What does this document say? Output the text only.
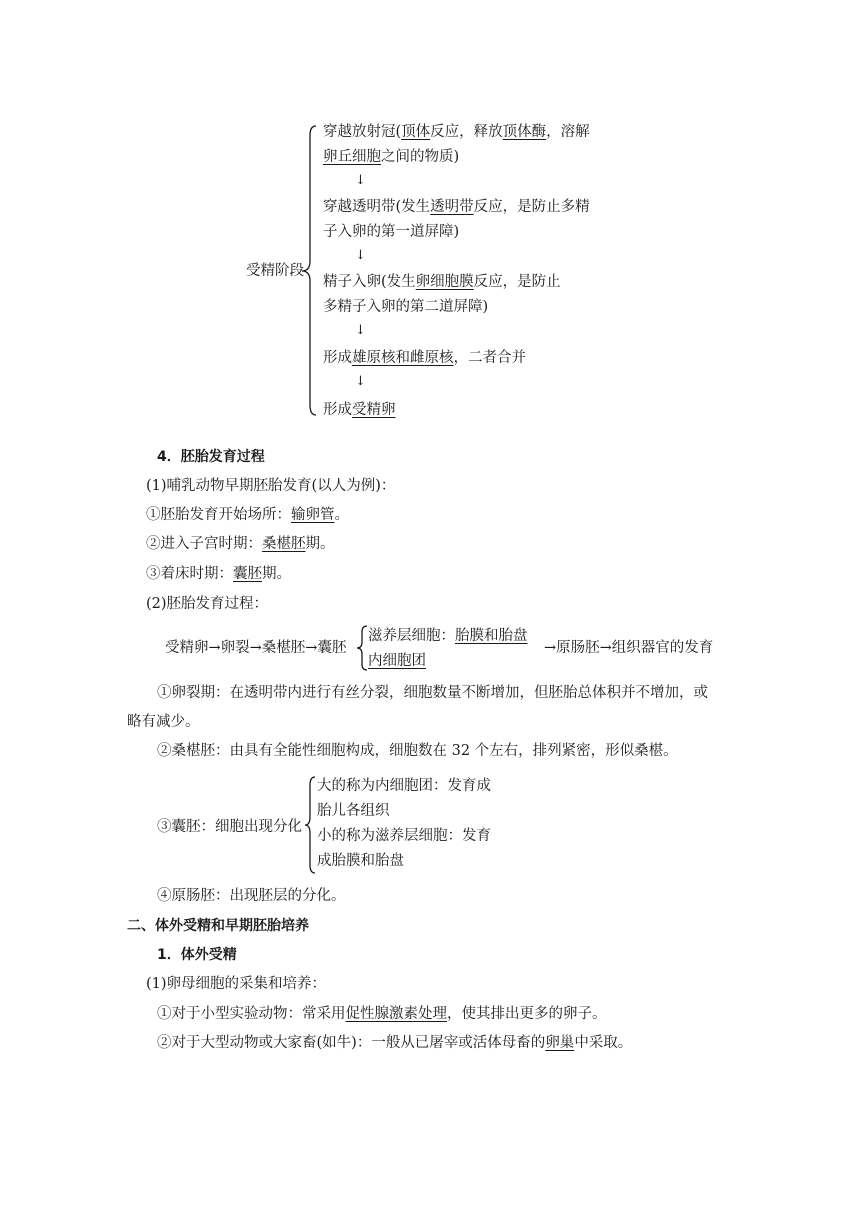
受精阶段
穿越放射冠(顶体反应，释放顶体酶，溶解
卵丘细胞之间的物质)
↓
穿越透明带(发生透明带反应，是防止多精
子入卵的第一道屏障)
↓
精子入卵(发生卵细胞膜反应，是防止
多精子入卵的第二道屏障)
↓
形成雄原核和雌原核，二者合并
↓
形成受精卵
4．胚胎发育过程
(1)哺乳动物早期胚胎发育(以人为例)：
①胚胎发育开始场所：输卵管。
②进入子宫时期：桑椹胚期。
③着床时期：囊胚期。
(2)胚胎发育过程：
受精卵→卵裂→桑椹胚→囊胚
滋养层细胞：胎膜和胎盘
内细胞团
→原肠胚→组织器官的发育
①卵裂期：在透明带内进行有丝分裂，细胞数量不断增加，但胚胎总体积并不增加，或
略有减少。
②桑椹胚：由具有全能性细胞构成，细胞数在 32 个左右，排列紧密，形似桑椹。
③囊胚：细胞出现分化
大的称为内细胞团：发育成
胎儿各组织
小的称为滋养层细胞：发育
成胎膜和胎盘
④原肠胚：出现胚层的分化。
二、体外受精和早期胚胎培养
1．体外受精
(1)卵母细胞的采集和培养：
①对于小型实验动物：常采用促性腺激素处理，使其排出更多的卵子。
②对于大型动物或大家畜(如牛)：一般从已屠宰或活体母畜的卵巢中采取。
